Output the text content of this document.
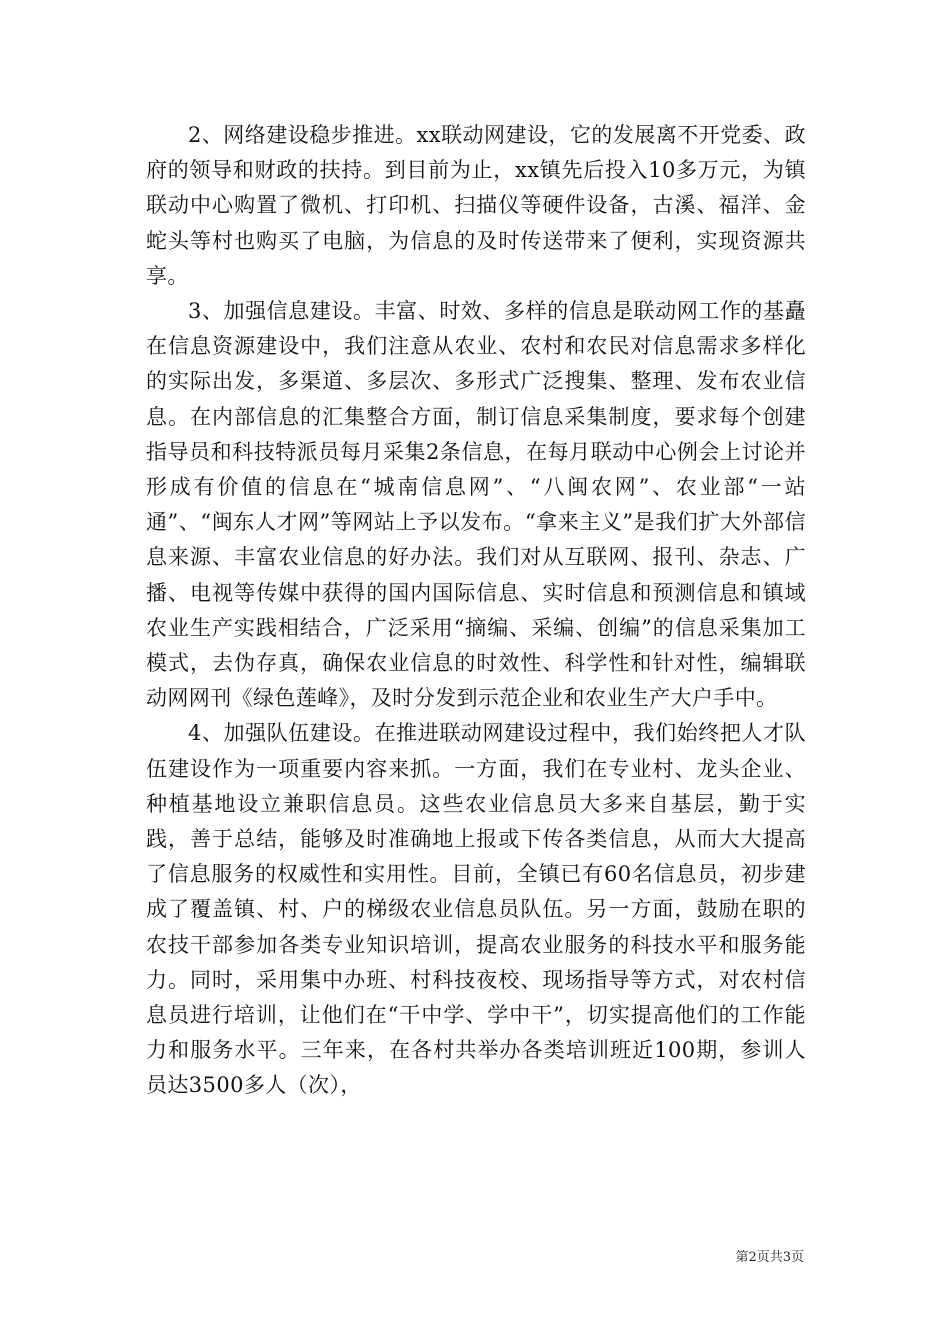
2、网络建设稳步推进。xx联动网建设，它的发展离不开党委、政府的领导和财政的扶持。到目前为止，xx镇先后投入10多万元，为镇联动中心购置了微机、打印机、扫描仪等硬件设备，古溪、福洋、金蛇头等村也购买了电脑，为信息的及时传送带来了便利，实现资源共享。

3、加强信息建设。丰富、时效、多样的信息是联动网工作的基矗在信息资源建设中，我们注意从农业、农村和农民对信息需求多样化的实际出发，多渠道、多层次、多形式广泛搜集、整理、发布农业信息。在内部信息的汇集整合方面，制订信息采集制度，要求每个创建指导员和科技特派员每月采集2条信息，在每月联动中心例会上讨论并形成有价值的信息在“城南信息网”、“八闽农网”、农业部“一站通”、“闽东人才网”等网站上予以发布。“拿来主义”是我们扩大外部信息来源、丰富农业信息的好办法。我们对从互联网、报刊、杂志、广播、电视等传媒中获得的国内国际信息、实时信息和预测信息和镇域农业生产实践相结合，广泛采用“摘编、采编、创编”的信息采集加工模式，去伪存真，确保农业信息的时效性、科学性和针对性，编辑联动网网刊《绿色莲峰》，及时分发到示范企业和农业生产大户手中。

4、加强队伍建设。在推进联动网建设过程中，我们始终把人才队伍建设作为一项重要内容来抓。一方面，我们在专业村、龙头企业、种植基地设立兼职信息员。这些农业信息员大多来自基层，勤于实践，善于总结，能够及时准确地上报或下传各类信息，从而大大提高了信息服务的权威性和实用性。目前，全镇已有60名信息员，初步建成了覆盖镇、村、户的梯级农业信息员队伍。另一方面，鼓励在职的农技干部参加各类专业知识培训，提高农业服务的科技水平和服务能力。同时，采用集中办班、村科技夜校、现场指导等方式，对农村信息员进行培训，让他们在“干中学、学中干”，切实提高他们的工作能力和服务水平。三年来，在各村共举办各类培训班近100期，参训人员达3500多人（次），

第2页共3页
